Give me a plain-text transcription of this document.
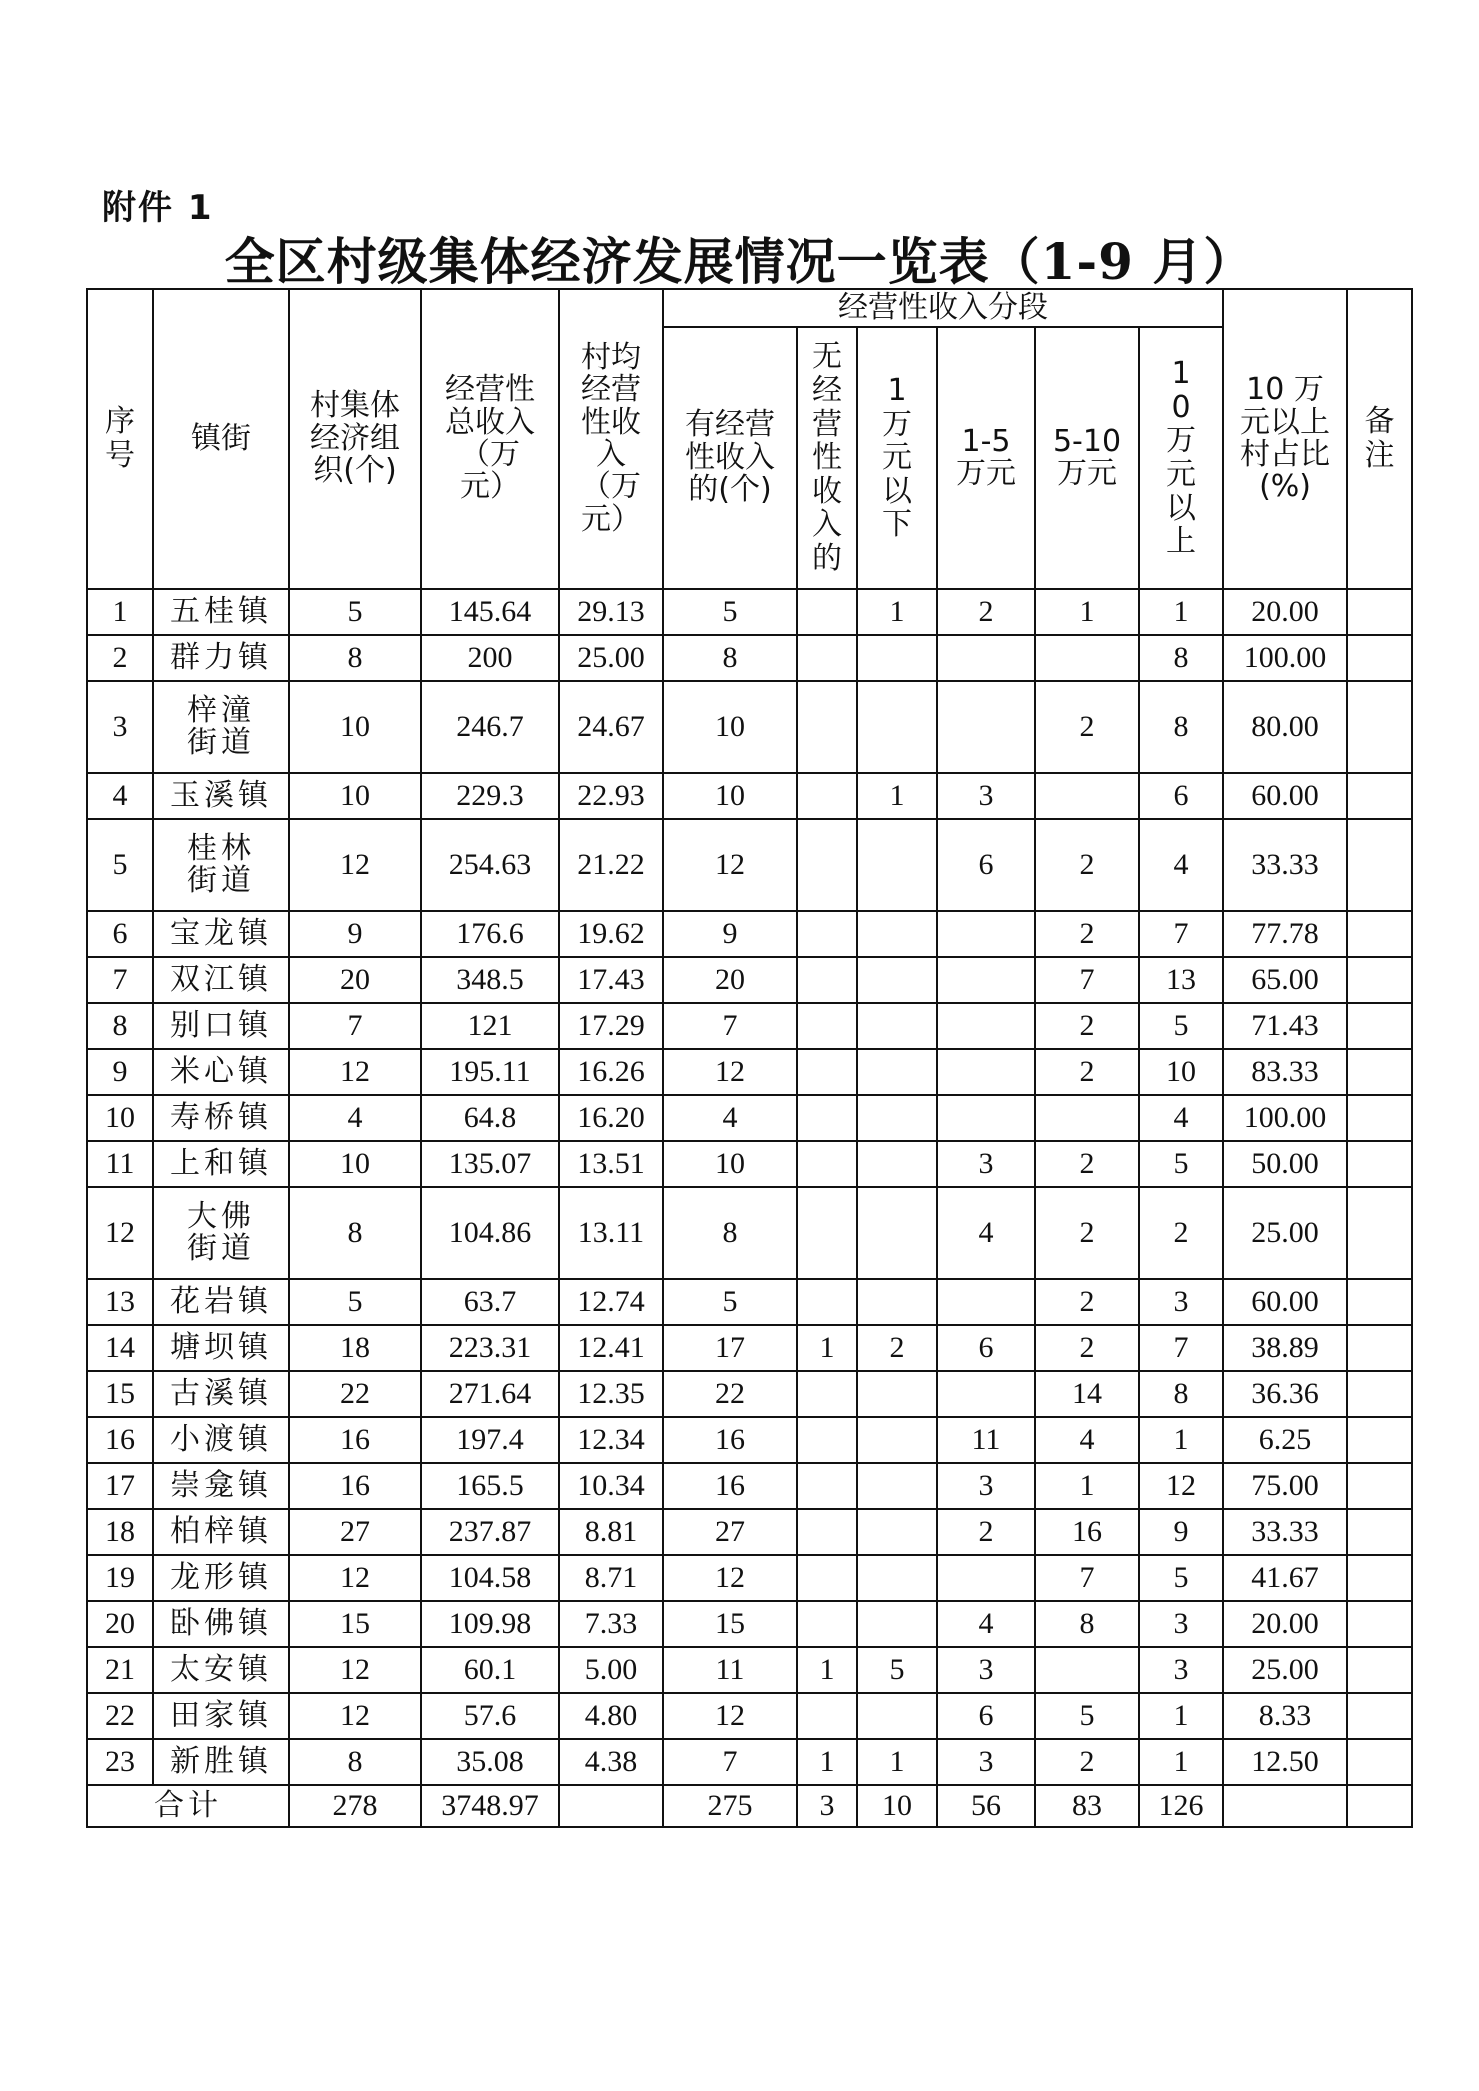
附件 1
全区村级集体经济发展情况一览表（1-9 月）
序号	镇街	村集体经济组织(个)	经营性总收入（万元）	村均经营性收入（万元）	经营性收入分段						10 万元以上村占比(%)	备注
					有经营性收入的(个)	无经营性收入的	1万元以下	1-5 万元	5-10 万元	10万元以上		
1	五桂镇	5	145.64	29.13	5		1	2	1	1	20.00	
2	群力镇	8	200	25.00	8					8	100.00	
3	梓潼街道	10	246.7	24.67	10				2	8	80.00	
4	玉溪镇	10	229.3	22.93	10		1	3		6	60.00	
5	桂林街道	12	254.63	21.22	12			6	2	4	33.33	
6	宝龙镇	9	176.6	19.62	9				2	7	77.78	
7	双江镇	20	348.5	17.43	20				7	13	65.00	
8	别口镇	7	121	17.29	7				2	5	71.43	
9	米心镇	12	195.11	16.26	12				2	10	83.33	
10	寿桥镇	4	64.8	16.20	4					4	100.00	
11	上和镇	10	135.07	13.51	10			3	2	5	50.00	
12	大佛街道	8	104.86	13.11	8			4	2	2	25.00	
13	花岩镇	5	63.7	12.74	5				2	3	60.00	
14	塘坝镇	18	223.31	12.41	17	1	2	6	2	7	38.89	
15	古溪镇	22	271.64	12.35	22				14	8	36.36	
16	小渡镇	16	197.4	12.34	16			11	4	1	6.25	
17	崇龛镇	16	165.5	10.34	16			3	1	12	75.00	
18	柏梓镇	27	237.87	8.81	27			2	16	9	33.33	
19	龙形镇	12	104.58	8.71	12				7	5	41.67	
20	卧佛镇	15	109.98	7.33	15			4	8	3	20.00	
21	太安镇	12	60.1	5.00	11	1	5	3		3	25.00	
22	田家镇	12	57.6	4.80	12			6	5	1	8.33	
23	新胜镇	8	35.08	4.38	7	1	1	3	2	1	12.50	
合计		278	3748.97		275	3	10	56	83	126		
